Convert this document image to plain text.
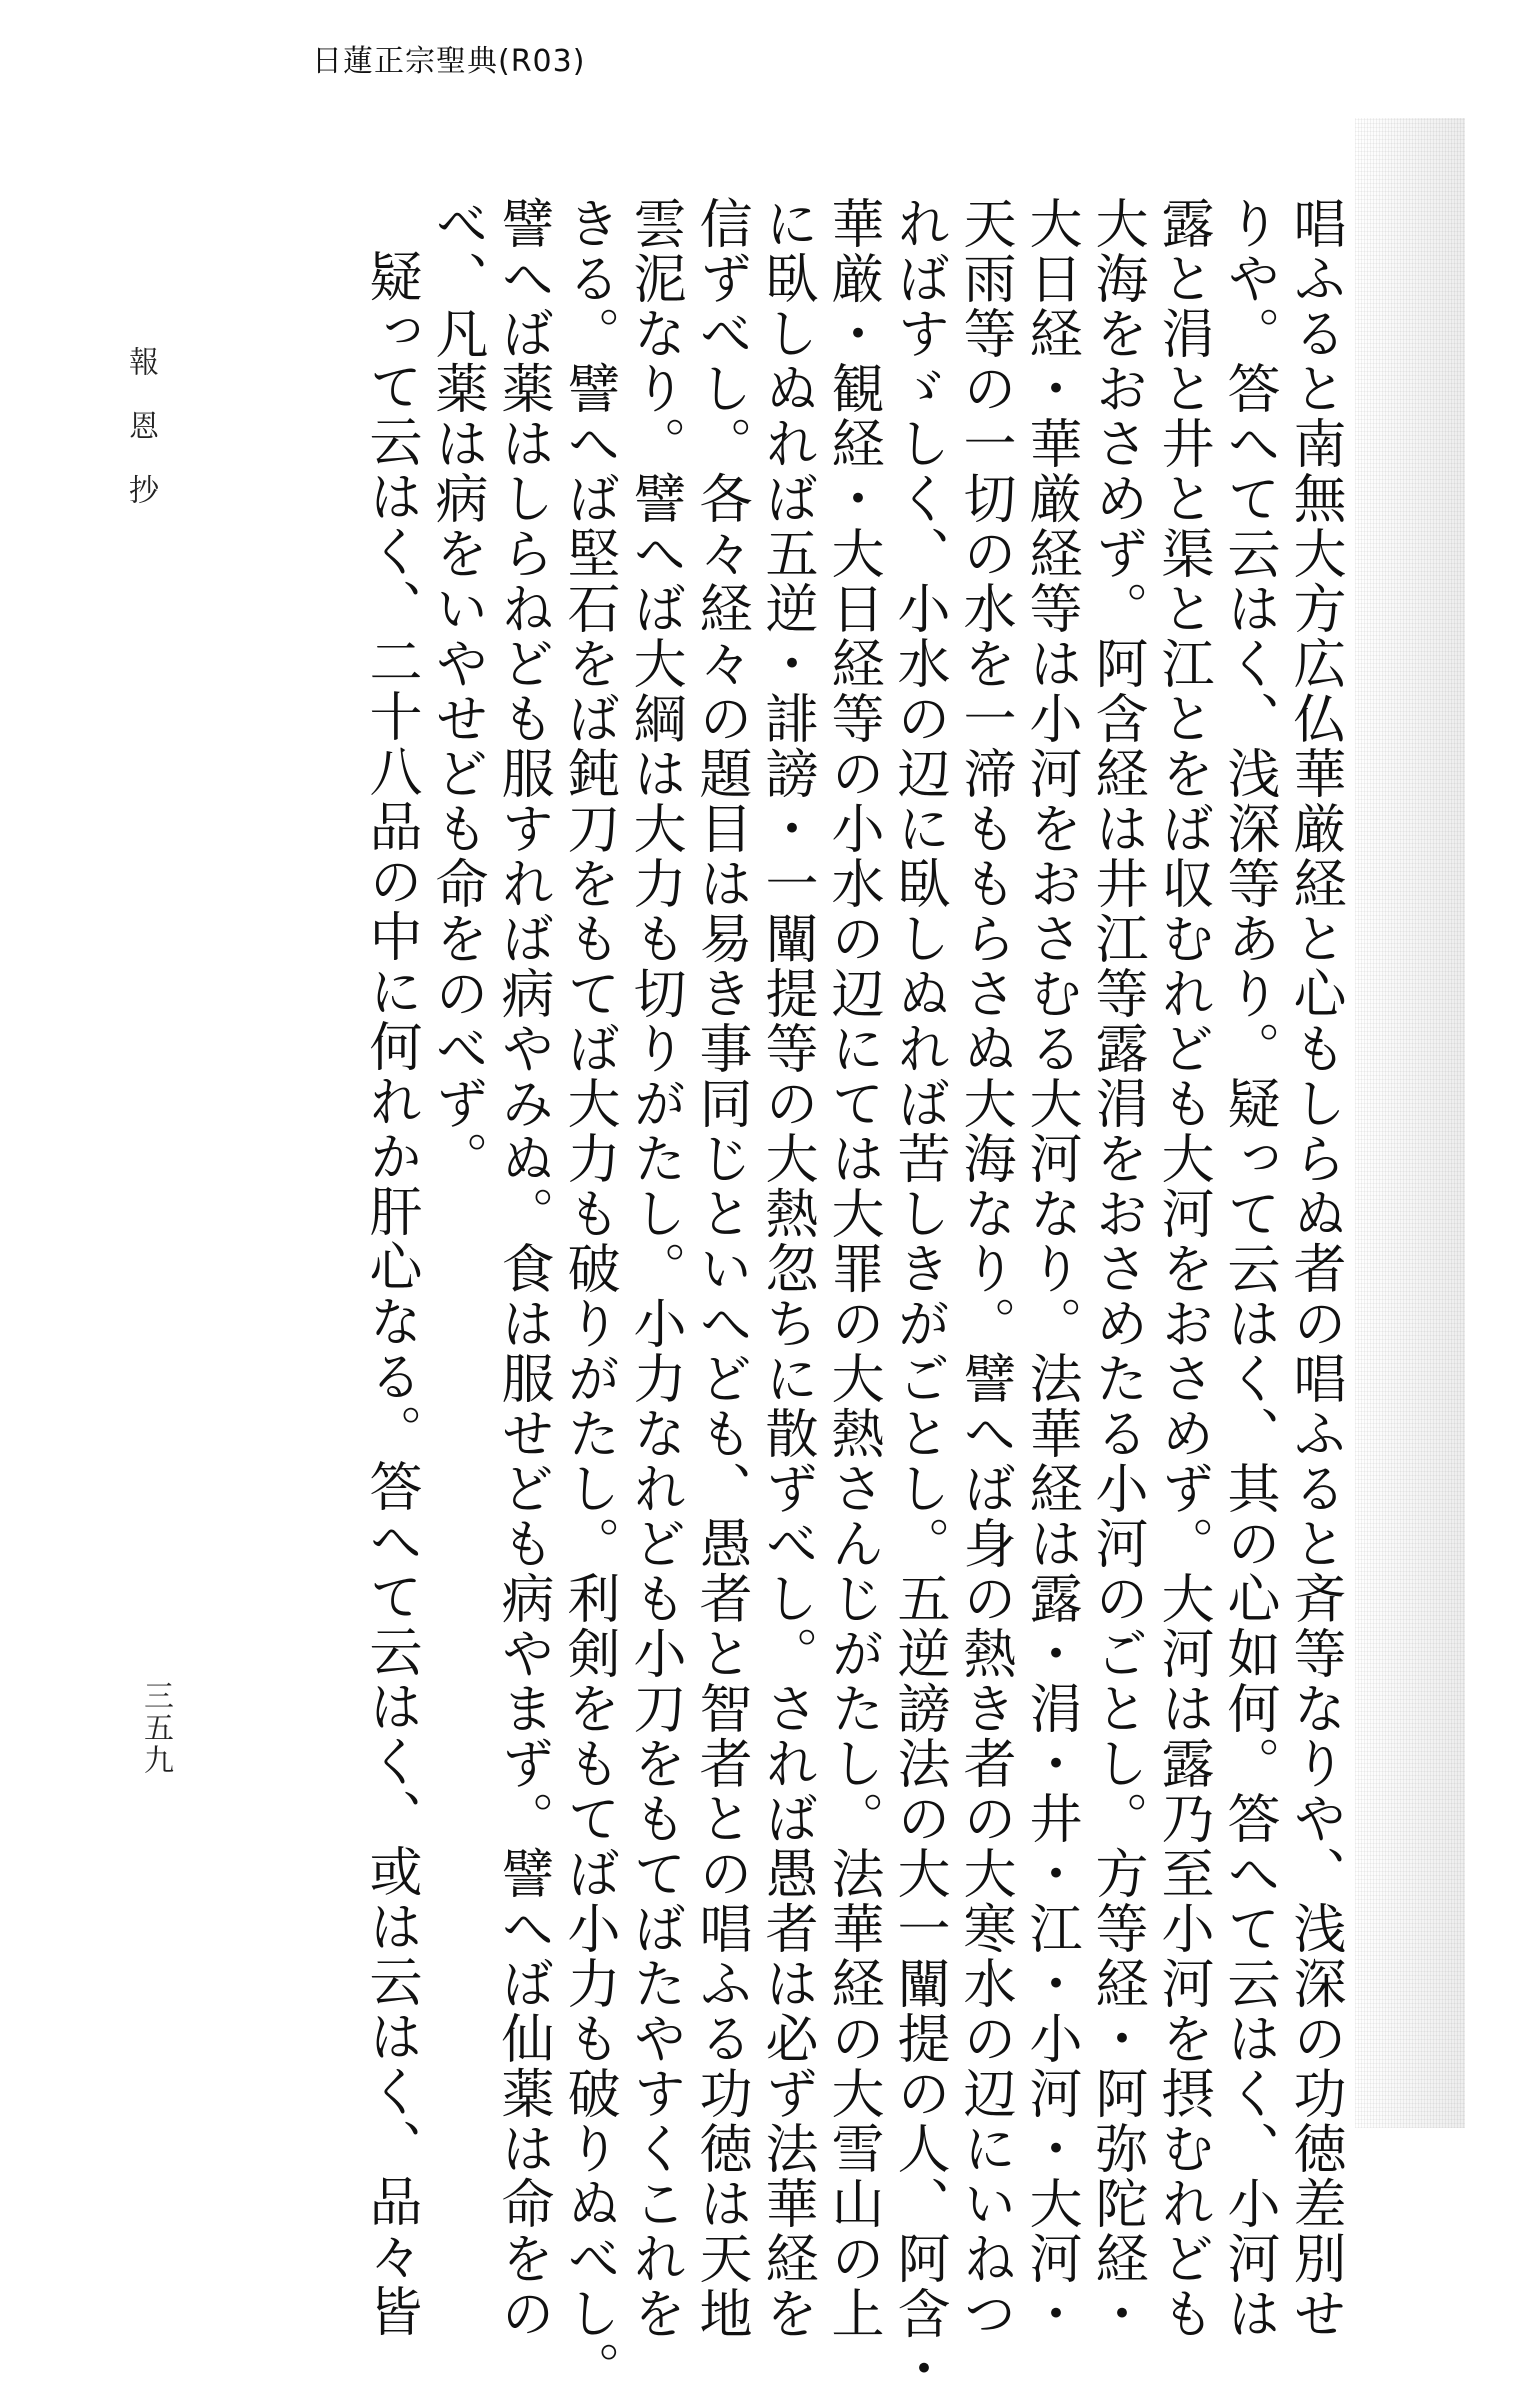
日蓮正宗聖典(R03)

唱ふると南無大方広仏華厳経と心もしらぬ者の唱ふると斉等なりや、浅深の功徳差別せ

りや。答へて云はく、浅深等あり。疑って云はく、其の心如何。答へて云はく、小河は

露と涓と井と渠と江とをば収むれども大河をおさめず。大河は露乃至小河を摂むれども

大海をおさめず。阿含経は井江等露涓をおさめたる小河のごとし。方等経・阿弥陀経・

大日経・華厳経等は小河をおさむる大河なり。法華経は露・涓・井・江・小河・大河・

天雨等の一切の水を一渧ももらさぬ大海なり。譬へば身の熱き者の大寒水の辺にいねつ

ればすゞしく、小水の辺に臥しぬれば苦しきがごとし。五逆謗法の大一闡提の人、阿含・

華厳・観経・大日経等の小水の辺にては大罪の大熱さんじがたし。法華経の大雪山の上

に臥しぬれば五逆・誹謗・一闡提等の大熱忽ちに散ずべし。されば愚者は必ず法華経を

信ずべし。各々経々の題目は易き事同じといへども、愚者と智者との唱ふる功徳は天地

雲泥なり。譬へば大綱は大力も切りがたし。小力なれども小刀をもてばたやすくこれを

きる。譬へば堅石をば鈍刀をもてば大力も破りがたし。利剣をもてば小力も破りぬべし。

譬へば薬はしらねども服すれば病やみぬ。食は服せども病やまず。譬へば仙薬は命をの

べ、凡薬は病をいやせども命をのべず。

疑って云はく、二十八品の中に何れか肝心なる。答へて云はく、或は云はく、品々皆

報恩抄
三五九
